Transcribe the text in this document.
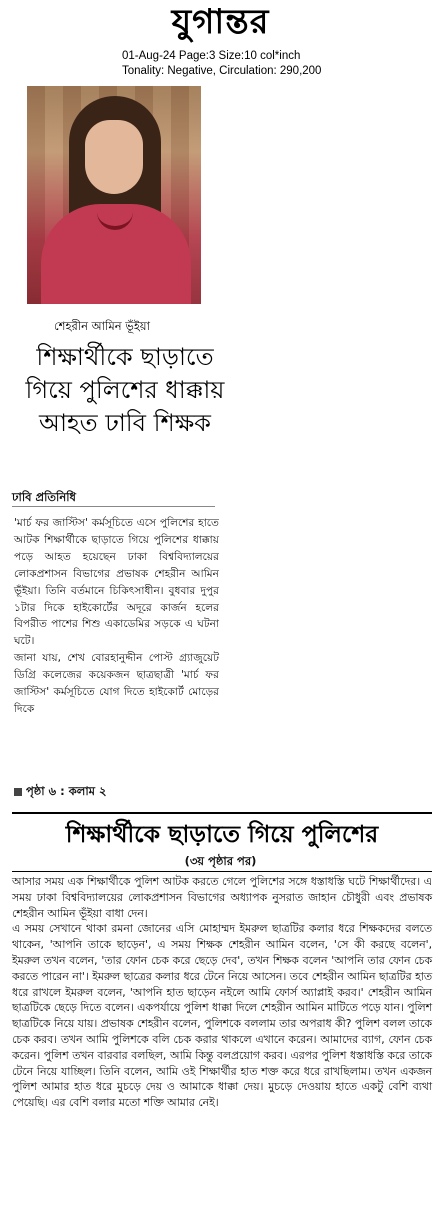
যুগান্তর
01-Aug-24 Page:3 Size:10 col*inch
Tonality: Negative, Circulation: 290,200
শেহরীন আমিন ভূঁইয়া
শিক্ষার্থীকে ছাড়াতে গিয়ে পুলিশের ধাক্কায় আহত ঢাবি শিক্ষক
ঢাবি প্রতিনিধি

'মার্চ ফর জাস্টিস' কর্মসূচিতে এসে পুলিশের হাতে আটক শিক্ষার্থীকে ছাড়াতে গিয়ে পুলিশের ধাক্কায় পড়ে আহত হয়েছেন ঢাকা বিশ্ববিদ্যালয়ের লোকপ্রশাসন বিভাগের প্রভাষক শেহরীন আমিন ভূঁইয়া। তিনি বর্তমানে চিকিৎসাধীন। বুধবার দুপুর ১টার দিকে হাইকোর্টের অদূরে কার্জন হলের বিপরীত পাশের শিশু একাডেমির সড়কে এ ঘটনা ঘটে।

জানা যায়, শেখ বোরহানুদ্দীন পোস্ট গ্র্যাজুয়েট ডিগ্রি কলেজের কয়েকজন ছাত্রছাত্রী 'মার্চ ফর জাস্টিস' কর্মসূচিতে যোগ দিতে হাইকোর্ট মোড়ের দিকে

পৃষ্ঠা ৬ : কলাম ২
শিক্ষার্থীকে ছাড়াতে গিয়ে পুলিশের
(৩য় পৃষ্ঠার পর)

আসার সময় এক শিক্ষার্থীকে পুলিশ আটক করতে গেলে পুলিশের সঙ্গে ধস্তাধস্তি ঘটে শিক্ষার্থীদের। এ সময় ঢাকা বিশ্ববিদ্যালয়ের লোকপ্রশাসন বিভাগের অধ্যাপক নুসরাত জাহান চৌধুরী এবং প্রভাষক শেহরীন আমিন ভূঁইয়া বাধা দেন।

এ সময় সেখানে থাকা রমনা জোনের এসি মোহাম্মদ ইমরুল ছাত্রটির কলার ধরে শিক্ষকদের বলতে থাকেন, 'আপনি তাকে ছাড়েন', এ সময় শিক্ষক শেহরীন আমিন বলেন, 'সে কী করছে বলেন', ইমরুল তখন বলেন, 'তার ফোন চেক করে ছেড়ে দেব', তখন শিক্ষক বলেন 'আপনি তার ফোন চেক করতে পারেন না'। ইমরুল ছাত্রের কলার ধরে টেনে নিয়ে আসেন। তবে শেহরীন আমিন ছাত্রটির হাত ধরে রাখলে ইমরুল বলেন, 'আপনি হাত ছাড়েন নইলে আমি ফোর্স অ্যাপ্লাই করব।' শেহরীন আমিন ছাত্রটিকে ছেড়ে দিতে বলেন। একপর্যায়ে পুলিশ ধাক্কা দিলে শেহরীন আমিন মাটিতে পড়ে যান। পুলিশ ছাত্রটিকে নিয়ে যায়। প্রভাষক শেহরীন বলেন, পুলিশকে বললাম তার অপরাধ কী? পুলিশ বলল তাকে চেক করব। তখন আমি পুলিশকে বলি চেক করার থাকলে এখানে করেন। আমাদের ব্যাগ, ফোন চেক করেন। পুলিশ তখন বারবার বলছিল, আমি কিন্তু বলপ্রয়োগ করব। এরপর পুলিশ ধস্তাধস্তি করে তাকে টেনে নিয়ে যাচ্ছিল। তিনি বলেন, আমি ওই শিক্ষার্থীর হাত শক্ত করে ধরে রাখছিলাম। তখন একজন পুলিশ আমার হাত ধরে মুচড়ে দেয় ও আমাকে ধাক্কা দেয়। মুচড়ে দেওয়ায় হাতে একটু বেশি ব্যথা পেয়েছি। এর বেশি বলার মতো শক্তি আমার নেই।
